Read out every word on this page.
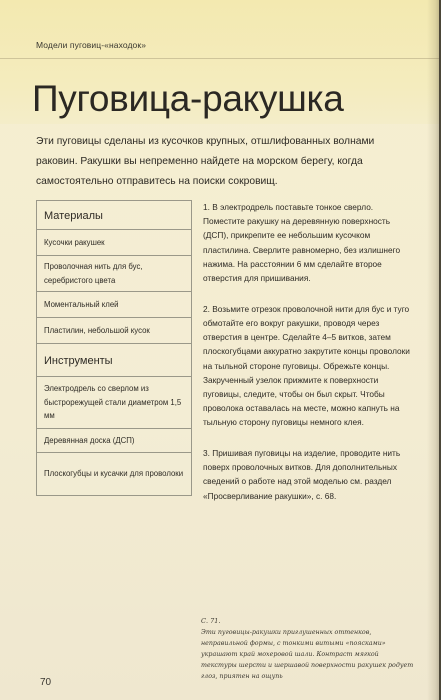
Модели пуговиц-«находок»
Пуговица-ракушка

Эти пуговицы сделаны из кусочков крупных, отшлифованных волнами раковин. Ракушки вы непременно найдете на морском берегу, когда самостоятельно отправитесь на поиски сокровищ.

Материалы
Кусочки ракушек
Проволочная нить для бус, серебристого цвета
Моментальный клей
Пластилин, небольшой кусок
Инструменты
Электродрель со сверлом из быстрорежущей стали диаметром 1,5 мм
Деревянная доска (ДСП)
Плоскогубцы и кусачки для проволоки

1. В электродрель поставьте тонкое сверло. Поместите ракушку на деревянную поверхность (ДСП), прикрепите ее небольшим кусочком пластилина. Сверлите равномерно, без излишнего нажима. На расстоянии 6 мм сделайте второе отверстия для пришивания.

2. Возьмите отрезок проволочной нити для бус и туго обмотайте его вокруг ракушки, проводя через отверстия в центре. Сделайте 4–5 витков, затем плоскогубцами аккуратно закрутите концы проволоки на тыльной стороне пуговицы. Обрежьте концы. Закрученный узелок прижмите к поверхности пуговицы, следите, чтобы он был скрыт. Чтобы проволока оставалась на месте, можно капнуть на тыльную сторону пуговицы немного клея.

3. Пришивая пуговицы на изделие, проводите нить поверх проволочных витков. Для дополнительных сведений о работе над этой моделью см. раздел «Просверливание ракушки», с. 68.

С. 71.
Эти пуговицы-ракушки приглушенных оттенков, неправильной формы, с тонкими витыми «поясками» украшают край мохеровой шали. Контраст мягкой текстуры шерсти и шершавой поверхности ракушек родует глоз, приятен на ощупь
70
